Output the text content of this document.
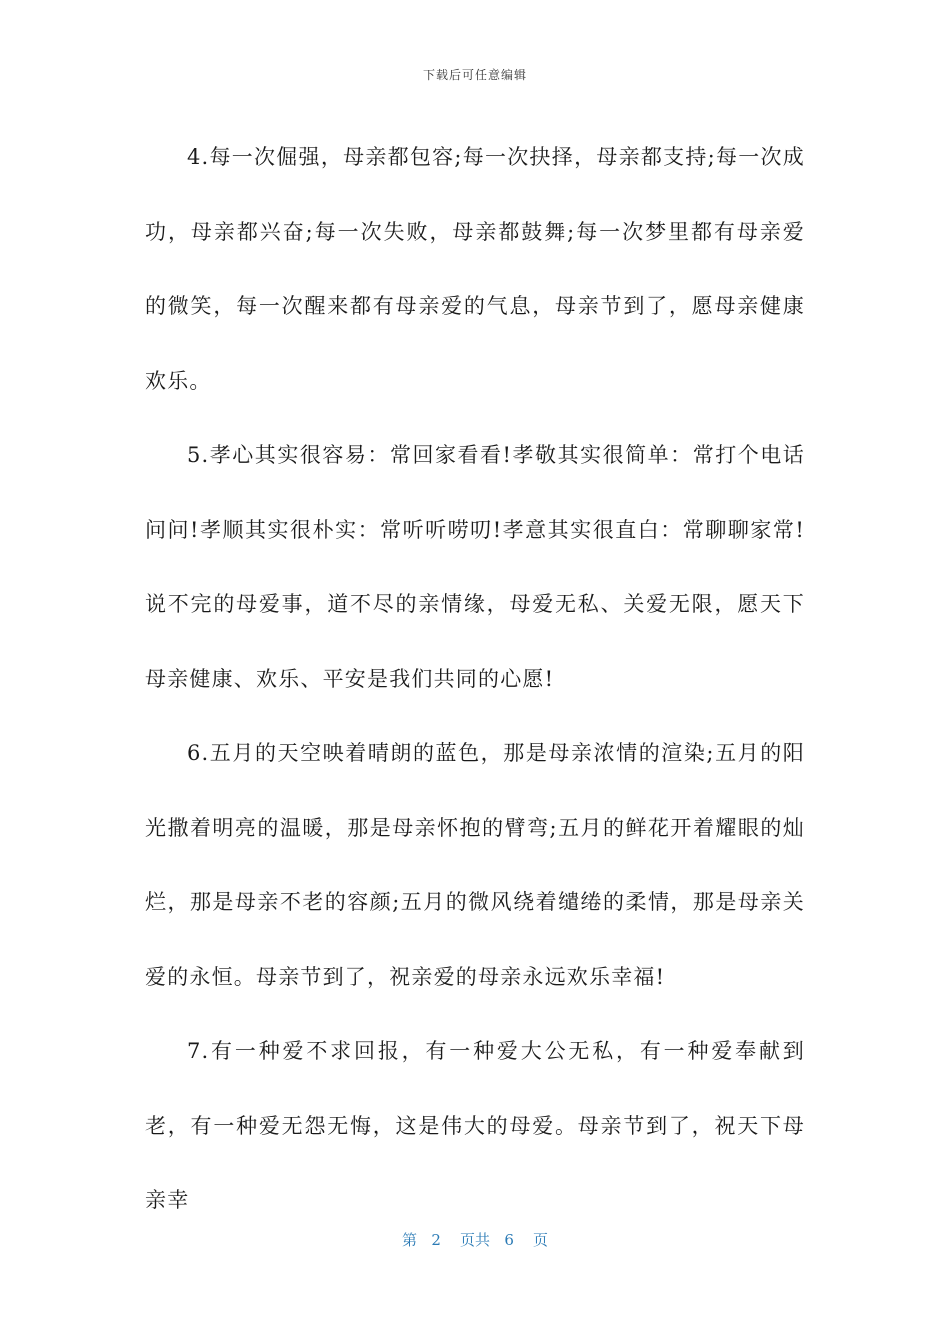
下载后可任意编辑

4.每一次倔强，母亲都包容;每一次抉择，母亲都支持;每一次成功，母亲都兴奋;每一次失败，母亲都鼓舞;每一次梦里都有母亲爱的微笑，每一次醒来都有母亲爱的气息，母亲节到了，愿母亲健康欢乐。

5.孝心其实很容易：常回家看看!孝敬其实很简单：常打个电话问问!孝顺其实很朴实：常听听唠叨!孝意其实很直白：常聊聊家常!说不完的母爱事，道不尽的亲情缘，母爱无私、关爱无限，愿天下母亲健康、欢乐、平安是我们共同的心愿!

6.五月的天空映着晴朗的蓝色，那是母亲浓情的渲染;五月的阳光撒着明亮的温暖，那是母亲怀抱的臂弯;五月的鲜花开着耀眼的灿烂，那是母亲不老的容颜;五月的微风绕着缱绻的柔情，那是母亲关爱的永恒。母亲节到了，祝亲爱的母亲永远欢乐幸福!

7.有一种爱不求回报，有一种爱大公无私，有一种爱奉献到老，有一种爱无怨无悔，这是伟大的母爱。母亲节到了，祝天下母亲幸

第 2 页共 6 页
